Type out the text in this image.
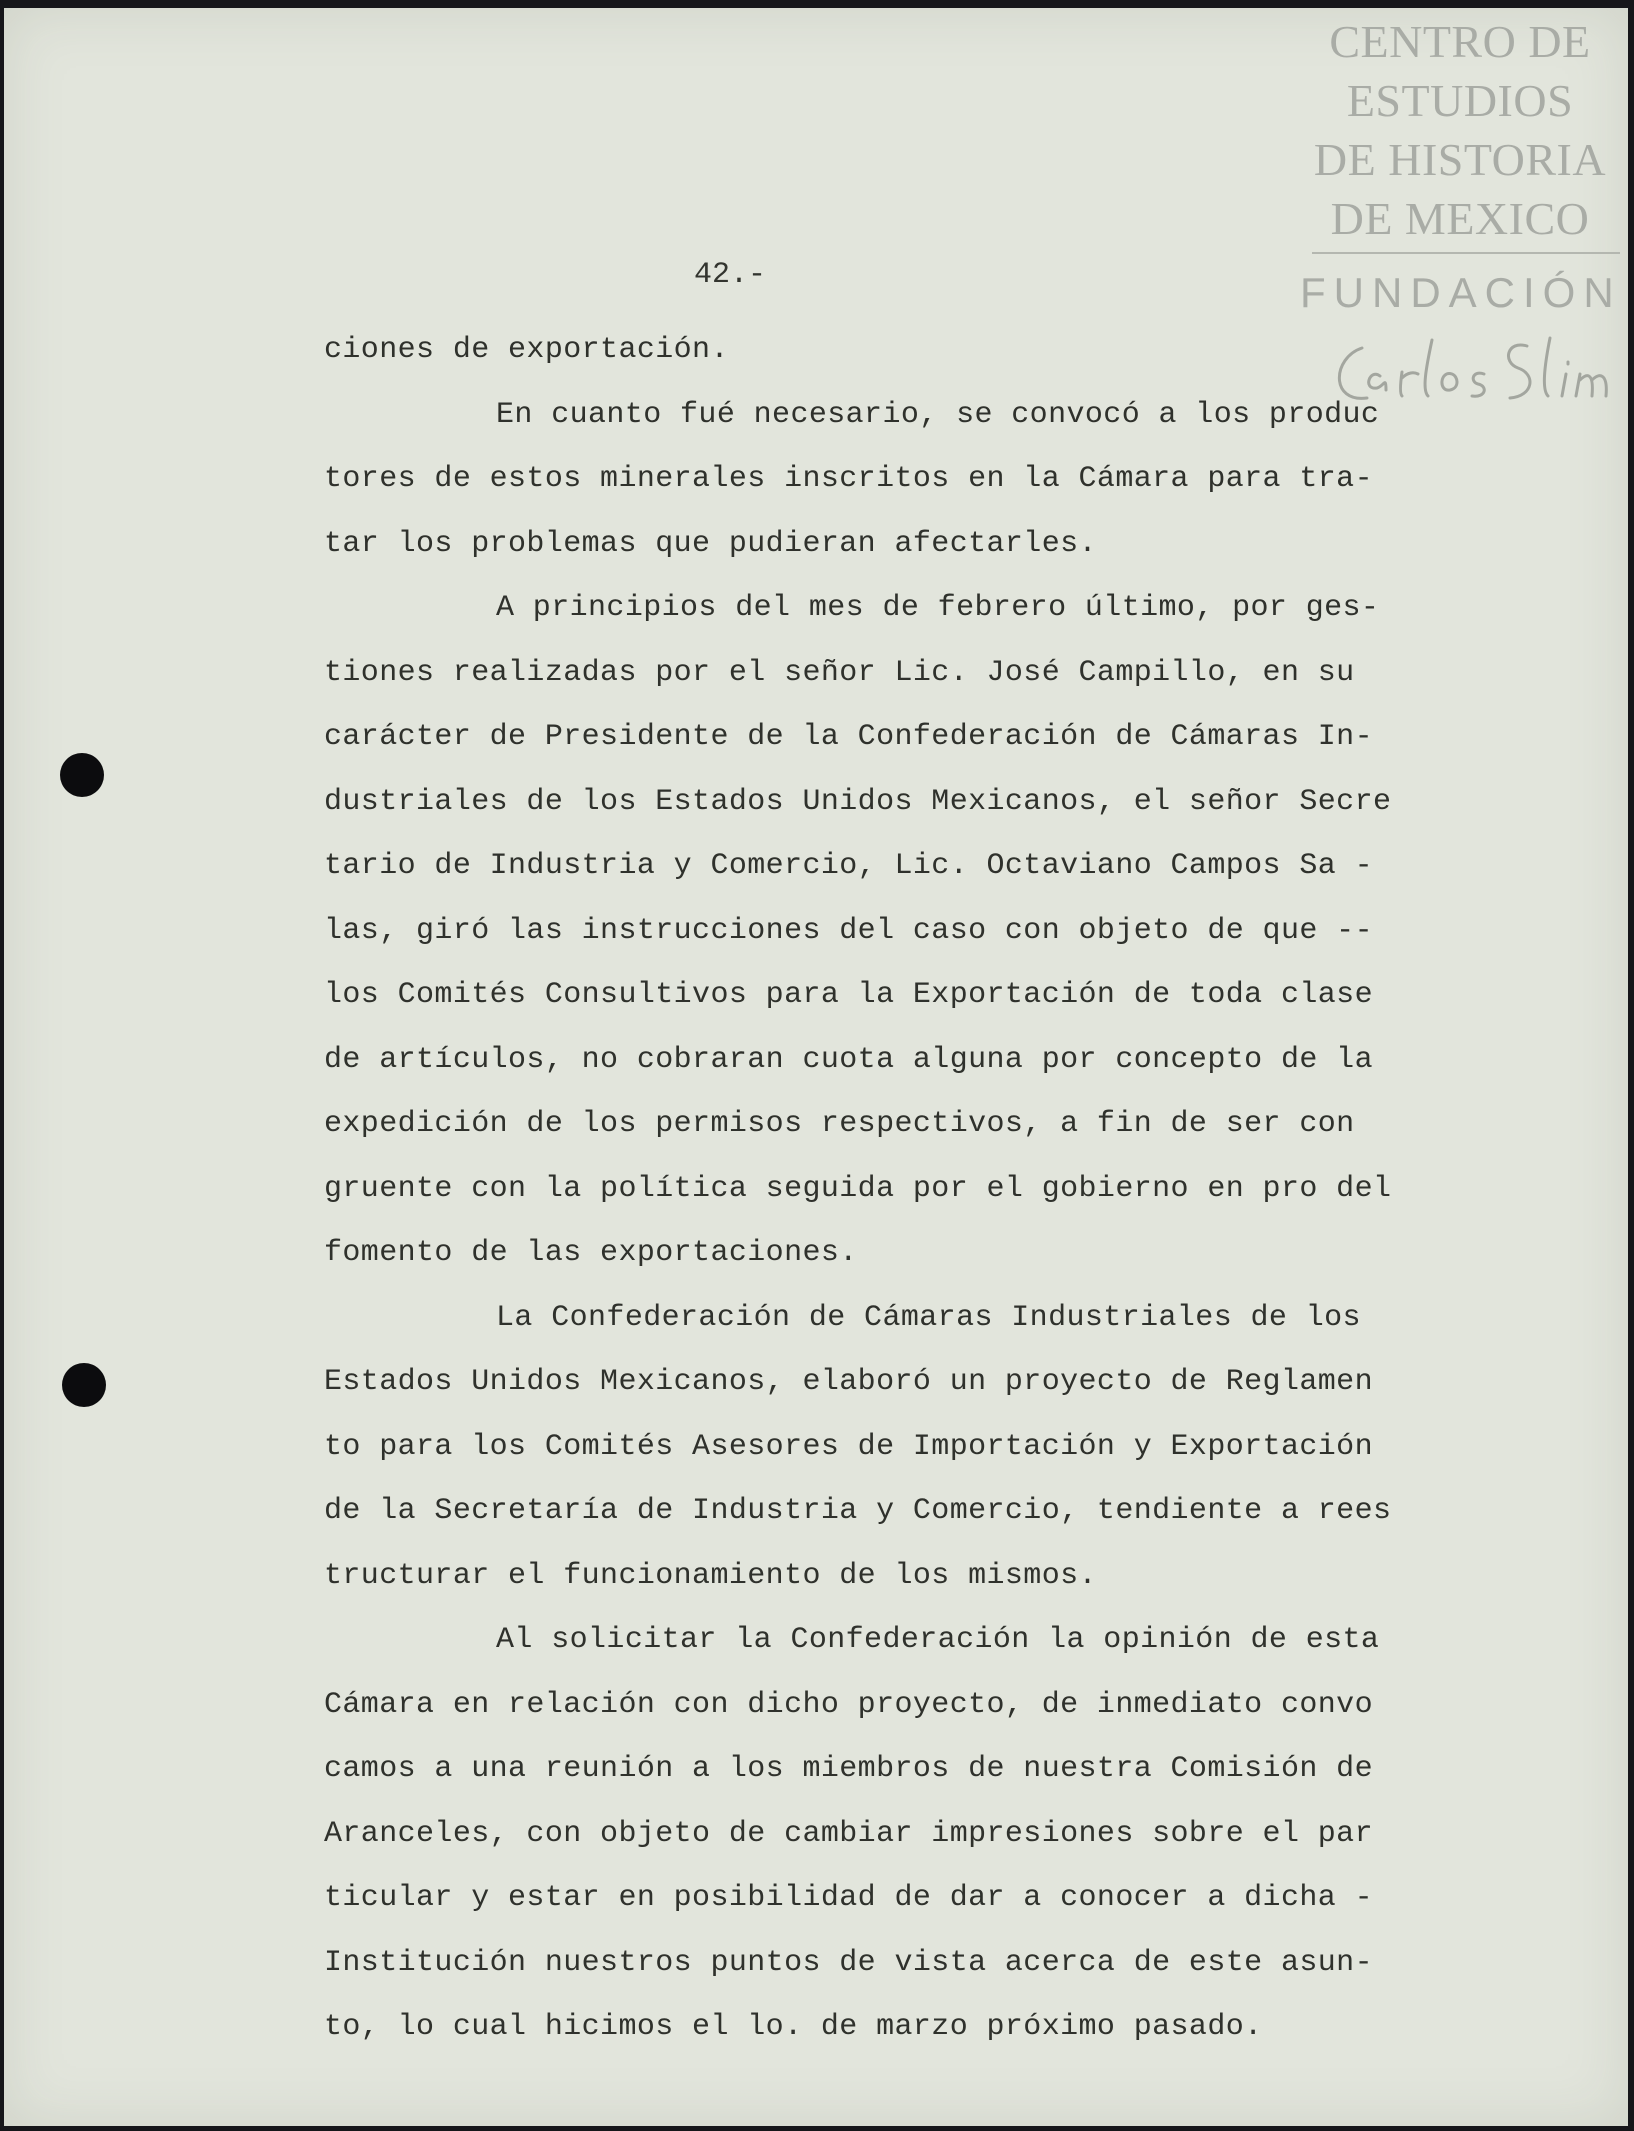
CENTRO DE
ESTUDIOS
DE HISTORIA
DE MEXICO
FUNDACIÓN
42.-
ciones de exportación.
En cuanto fué necesario, se convocó a los produc
tores de estos minerales inscritos en la Cámara para tra-
tar los problemas que pudieran afectarles.
A principios del mes de febrero último, por ges-
tiones realizadas por el señor Lic. José Campillo, en su
carácter de Presidente de la Confederación de Cámaras In-
dustriales de los Estados Unidos Mexicanos, el señor Secre
tario de Industria y Comercio, Lic. Octaviano Campos Sa -
las, giró las instrucciones del caso con objeto de que --
los Comités Consultivos para la Exportación de toda clase
de artículos, no cobraran cuota alguna por concepto de la
expedición de los permisos respectivos, a fin de ser con
gruente con la política seguida por el gobierno en pro del
fomento de las exportaciones.
La Confederación de Cámaras Industriales de los
Estados Unidos Mexicanos, elaboró un proyecto de Reglamen
to para los Comités Asesores de Importación y Exportación
de la Secretaría de Industria y Comercio, tendiente a rees
tructurar el funcionamiento de los mismos.
Al solicitar la Confederación la opinión de esta
Cámara en relación con dicho proyecto, de inmediato convo
camos a una reunión a los miembros de nuestra Comisión de
Aranceles, con objeto de cambiar impresiones sobre el par
ticular y estar en posibilidad de dar a conocer a dicha -
Institución nuestros puntos de vista acerca de este asun-
to, lo cual hicimos el lo. de marzo próximo pasado.
